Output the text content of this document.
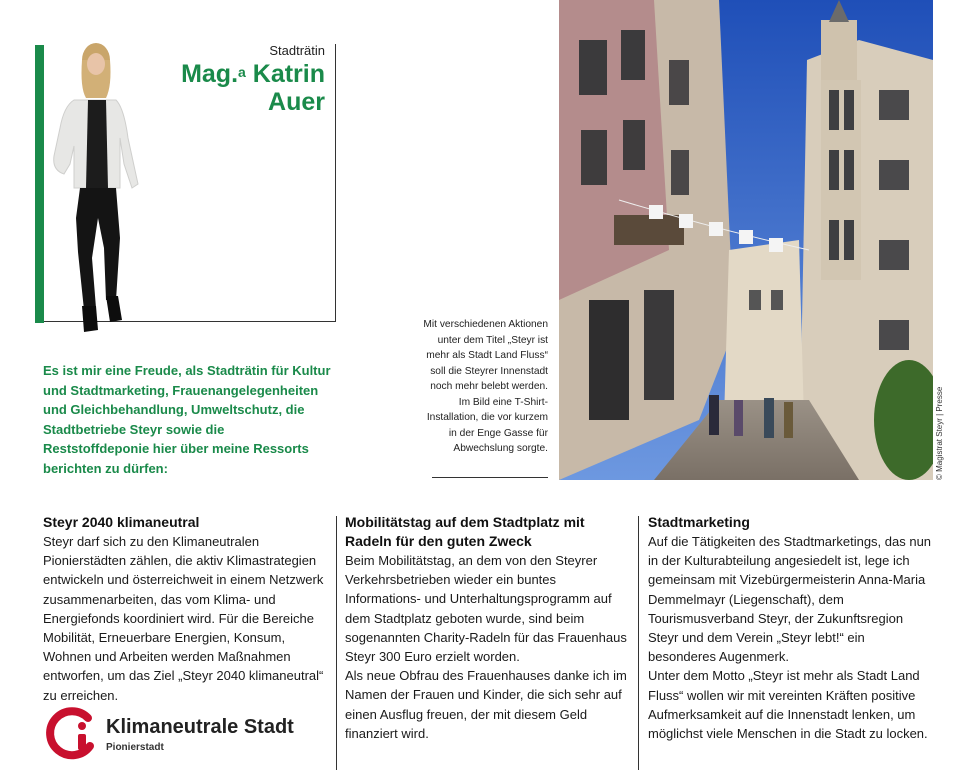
Stadträtin
Mag.$^a$ Katrin
Auer

Es ist mir eine Freude, als Stadträtin für Kultur und Stadtmarketing, Frauenangelegenheiten und Gleichbehandlung, Umweltschutz, die Stadtbetriebe Steyr sowie die Reststoffdeponie hier über meine Ressorts berichten zu dürfen:	© Magistrat Steyr | Presse

Mit verschiedenen Aktionen unter dem Titel „Steyr ist mehr als Stadt Land Fluss“ soll die Steyrer Innenstadt noch mehr belebt werden. Im Bild eine T-Shirt-Installation, die vor kurzem in der Enge Gasse für Abwechslung sorgte.

Steyr 2040 klimaneutral

Steyr darf sich zu den Klimaneutralen Pionierstädten zählen, die aktiv Klimastrategien entwickeln und österreichweit in einem Netzwerk zusammenarbeiten, das vom Klima- und Energiefonds koordiniert wird. Für die Bereiche Mobilität, Erneuerbare Energien, Konsum, Wohnen und Arbeiten werden Maßnahmen entworfen, um das Ziel „Steyr 2040 klimaneutral“ zu erreichen.

Mobilitätstag auf dem Stadtplatz mit Radeln für den guten Zweck

Beim Mobilitätstag, an dem von den Steyrer Verkehrsbetrieben wieder ein buntes Informations- und Unterhaltungsprogramm auf dem Stadtplatz geboten wurde, sind beim sogenannten Charity-Radeln für das Frauenhaus Steyr 300 Euro erzielt worden.

Als neue Obfrau des Frauenhauses danke ich im Namen der Frauen und Kinder, die sich sehr auf einen Ausflug freuen, der mit diesem Geld finanziert wird.

Stadtmarketing

Auf die Tätigkeiten des Stadtmarketings, das nun in der Kulturabteilung angesiedelt ist, lege ich gemeinsam mit Vizebürgermeisterin Anna-Maria Demmelmayr (Liegenschaft), dem Tourismusverband Steyr, der Zukunftsregion Steyr und dem Verein „Steyr lebt!“ ein besonderes Augenmerk.

Unter dem Motto „Steyr ist mehr als Stadt Land Fluss“ wollen wir mit vereinten Kräften positive Aufmerksamkeit auf die Innenstadt lenken, um möglichst viele Menschen in die Stadt zu locken.

Klimaneutrale Stadt
Pionierstadt
